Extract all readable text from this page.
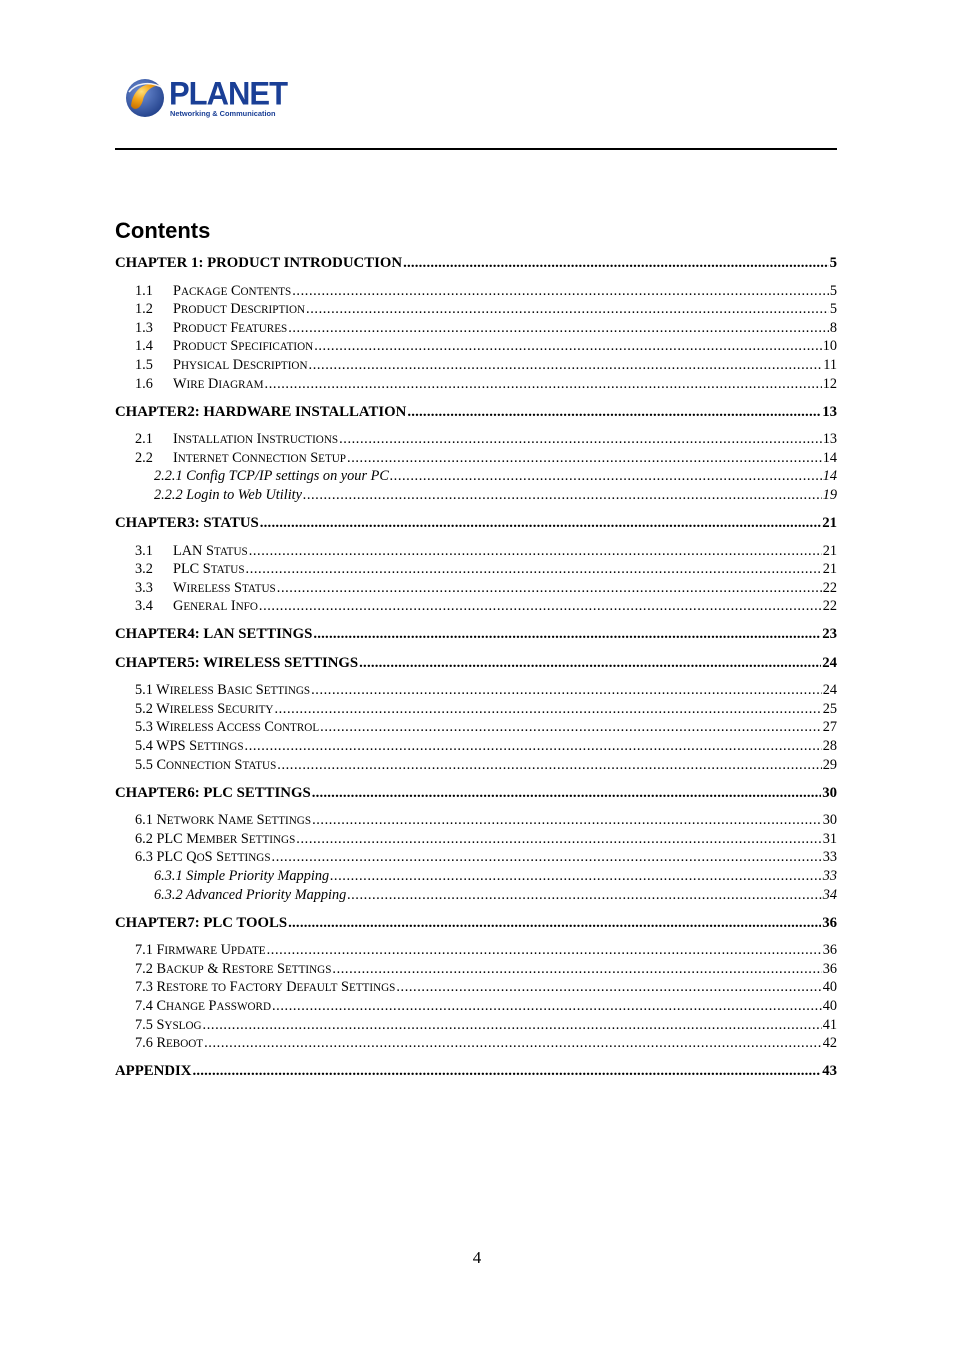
PLANET
Networking & Communication
Contents
CHAPTER 1: PRODUCT INTRODUCTION .....	5
1.1	PACKAGE CONTENTS .....	5
1.2	PRODUCT DESCRIPTION .....	5
1.3	PRODUCT FEATURES .....	8
1.4	PRODUCT SPECIFICATION .....	10
1.5	PHYSICAL DESCRIPTION .....	11
1.6	WIRE DIAGRAM .....	12
CHAPTER2: HARDWARE INSTALLATION .....	13
2.1	INSTALLATION INSTRUCTIONS .....	13
2.2	INTERNET CONNECTION SETUP .....	14
2.2.1 Config TCP/IP settings on your PC .....	14
2.2.2 Login to Web Utility .....	19
CHAPTER3: STATUS .....	21
3.1	LAN STATUS .....	21
3.2	PLC STATUS .....	21
3.3	WIRELESS STATUS .....	22
3.4	GENERAL INFO .....	22
CHAPTER4: LAN SETTINGS .....	23
CHAPTER5: WIRELESS SETTINGS .....	24
5.1 WIRELESS BASIC SETTINGS .....	24
5.2 WIRELESS SECURITY .....	25
5.3 WIRELESS ACCESS CONTROL .....	27
5.4 WPS SETTINGS .....	28
5.5 CONNECTION STATUS .....	29
CHAPTER6: PLC SETTINGS .....	30
6.1 NETWORK NAME SETTINGS .....	30
6.2 PLC MEMBER SETTINGS .....	31
6.3 PLC QOS SETTINGS .....	33
6.3.1 Simple Priority Mapping .....	33
6.3.2 Advanced Priority Mapping .....	34
CHAPTER7: PLC TOOLS .....	36
7.1 FIRMWARE UPDATE .....	36
7.2 BACKUP & RESTORE SETTINGS .....	36
7.3 RESTORE TO FACTORY DEFAULT SETTINGS .....	40
7.4 CHANGE PASSWORD .....	40
7.5 SYSLOG .....	41
7.6 REBOOT .....	42
APPENDIX .....	43
4
